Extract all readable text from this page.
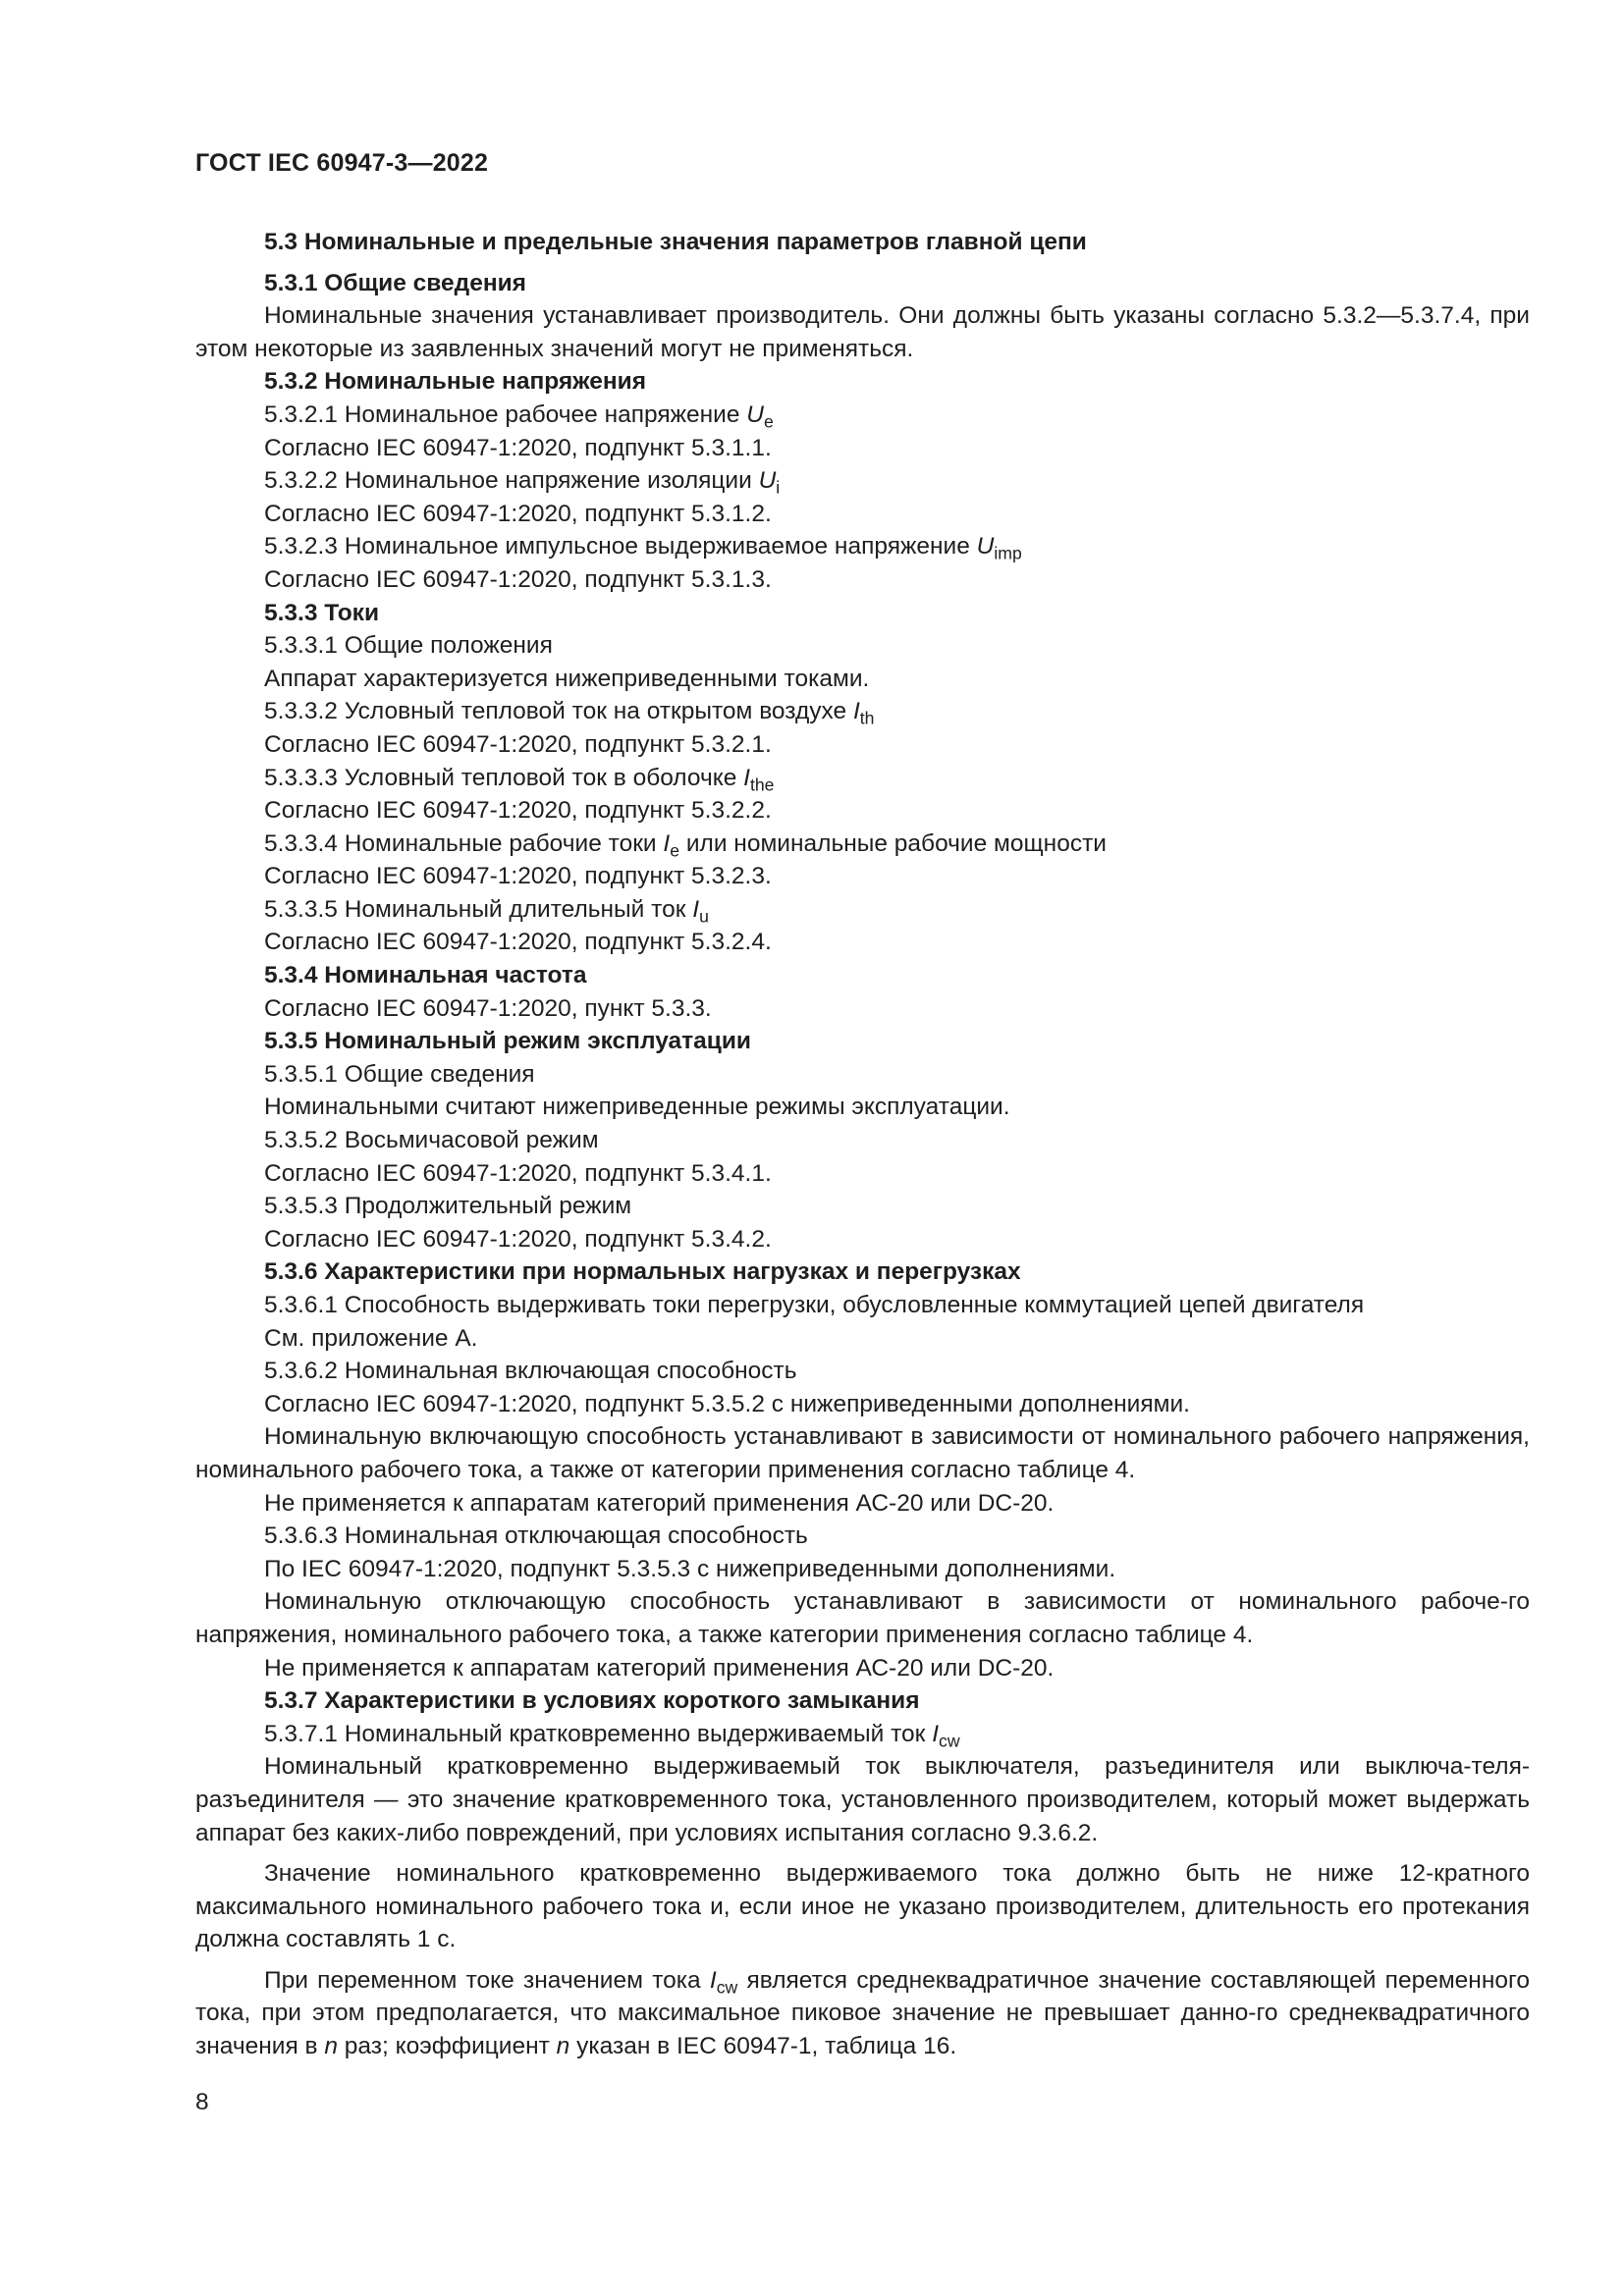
ГОСТ IEC 60947-3—2022
5.3 Номинальные и предельные значения параметров главной цепи
5.3.1 Общие сведения
Номинальные значения устанавливает производитель. Они должны быть указаны согласно 5.3.2—5.3.7.4, при этом некоторые из заявленных значений могут не применяться.
5.3.2 Номинальные напряжения
5.3.2.1 Номинальное рабочее напряжение $U_e$
Согласно IEC 60947-1:2020, подпункт 5.3.1.1.
5.3.2.2 Номинальное напряжение изоляции $U_i$
Согласно IEC 60947-1:2020, подпункт 5.3.1.2.
5.3.2.3 Номинальное импульсное выдерживаемое напряжение $U_{imp}$
Согласно IEC 60947-1:2020, подпункт 5.3.1.3.
5.3.3 Токи
5.3.3.1 Общие положения
Аппарат характеризуется нижеприведенными токами.
5.3.3.2 Условный тепловой ток на открытом воздухе $I_{th}$
Согласно IEC 60947-1:2020, подпункт 5.3.2.1.
5.3.3.3 Условный тепловой ток в оболочке $I_{the}$
Согласно IEC 60947-1:2020, подпункт 5.3.2.2.
5.3.3.4 Номинальные рабочие токи $I_e$ или номинальные рабочие мощности
Согласно IEC 60947-1:2020, подпункт 5.3.2.3.
5.3.3.5 Номинальный длительный ток $I_u$
Согласно IEC 60947-1:2020, подпункт 5.3.2.4.
5.3.4 Номинальная частота
Согласно IEC 60947-1:2020, пункт 5.3.3.
5.3.5 Номинальный режим эксплуатации
5.3.5.1 Общие сведения
Номинальными считают нижеприведенные режимы эксплуатации.
5.3.5.2 Восьмичасовой режим
Согласно IEC 60947-1:2020, подпункт 5.3.4.1.
5.3.5.3 Продолжительный режим
Согласно IEC 60947-1:2020, подпункт 5.3.4.2.
5.3.6 Характеристики при нормальных нагрузках и перегрузках
5.3.6.1 Способность выдерживать токи перегрузки, обусловленные коммутацией цепей двигателя
См. приложение А.
5.3.6.2 Номинальная включающая способность
Согласно IEC 60947-1:2020, подпункт 5.3.5.2 с нижеприведенными дополнениями.
Номинальную включающую способность устанавливают в зависимости от номинального рабочего напряжения, номинального рабочего тока, а также от категории применения согласно таблице 4.
Не применяется к аппаратам категорий применения АС-20 или DC-20.
5.3.6.3 Номинальная отключающая способность
По IEC 60947-1:2020, подпункт 5.3.5.3 с нижеприведенными дополнениями.
Номинальную отключающую способность устанавливают в зависимости от номинального рабоче-го напряжения, номинального рабочего тока, а также категории применения согласно таблице 4.
Не применяется к аппаратам категорий применения АС-20 или DC-20.
5.3.7 Характеристики в условиях короткого замыкания
5.3.7.1 Номинальный кратковременно выдерживаемый ток $I_{cw}$
Номинальный кратковременно выдерживаемый ток выключателя, разъединителя или выключа-теля-разъединителя — это значение кратковременного тока, установленного производителем, который может выдержать аппарат без каких-либо повреждений, при условиях испытания согласно 9.3.6.2.
Значение номинального кратковременно выдерживаемого тока должно быть не ниже 12-кратного максимального номинального рабочего тока и, если иное не указано производителем, длительность его протекания должна составлять 1 с.
При переменном токе значением тока $I_{cw}$ является среднеквадратичное значение составляющей переменного тока, при этом предполагается, что максимальное пиковое значение не превышает данно-го среднеквадратичного значения в n раз; коэффициент n указан в IEC 60947-1, таблица 16.
8
